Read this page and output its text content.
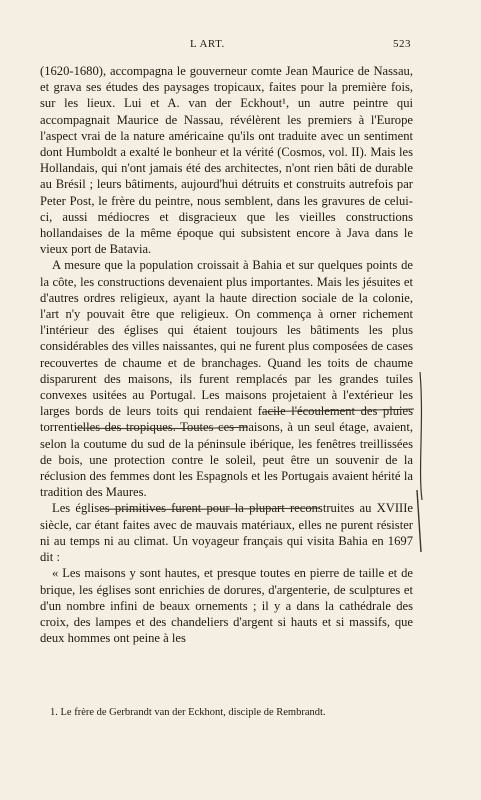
L ART.	523

(1620-1680), accompagna le gouverneur comte Jean Maurice de Nassau, et grava ses études des paysages tropicaux, faites pour la première fois, sur les lieux. Lui et A. van der Eckhout¹, un autre peintre qui accompagnait Maurice de Nassau, révélèrent les premiers à l'Europe l'aspect vrai de la nature américaine qu'ils ont traduite avec un sentiment dont Humboldt a exalté le bonheur et la vérité (Cosmos, vol. II). Mais les Hollandais, qui n'ont jamais été des architectes, n'ont rien bâti de durable au Brésil ; leurs bâtiments, aujourd'hui détruits et construits autrefois par Peter Post, le frère du peintre, nous semblent, dans les gravures de celui-ci, aussi médiocres et disgracieux que les vieilles constructions hollandaises de la même époque qui subsistent encore à Java dans le vieux port de Batavia.

A mesure que la population croissait à Bahia et sur quelques points de la côte, les constructions devenaient plus importantes. Mais les jésuites et d'autres ordres religieux, ayant la haute direction sociale de la colonie, l'art n'y pouvait être que religieux. On commença à orner richement l'intérieur des églises qui étaient toujours les bâtiments les plus considérables des villes naissantes, qui ne furent plus composées de cases recouvertes de chaume et de branchages. Quand les toits de chaume disparurent des maisons, ils furent remplacés par les grandes tuiles convexes usitées au Portugal. Les maisons projetaient à l'extérieur les larges bords de leurs toits qui rendaient facile l'écoulement des pluies torrentielles des tropiques. Toutes ces maisons, à un seul étage, avaient, selon la coutume du sud de la péninsule ibérique, les fenêtres treillissées de bois, une protection contre le soleil, peut être un souvenir de la réclusion des femmes dont les Espagnols et les Portugais avaient hérité la tradition des Maures.

Les églises primitives furent pour la plupart reconstruites au XVIIIe siècle, car étant faites avec de mauvais matériaux, elles ne purent résister ni au temps ni au climat. Un voyageur français qui visita Bahia en 1697 dit :

« Les maisons y sont hautes, et presque toutes en pierre de taille et de brique, les églises sont enrichies de dorures, d'argenterie, de sculptures et d'un nombre infini de beaux ornements ; il y a dans la cathédrale des croix, des lampes et des chandeliers d'argent si hauts et si massifs, que deux hommes ont peine à les

1. Le frère de Gerbrandt van der Eckhont, disciple de Rembrandt.
